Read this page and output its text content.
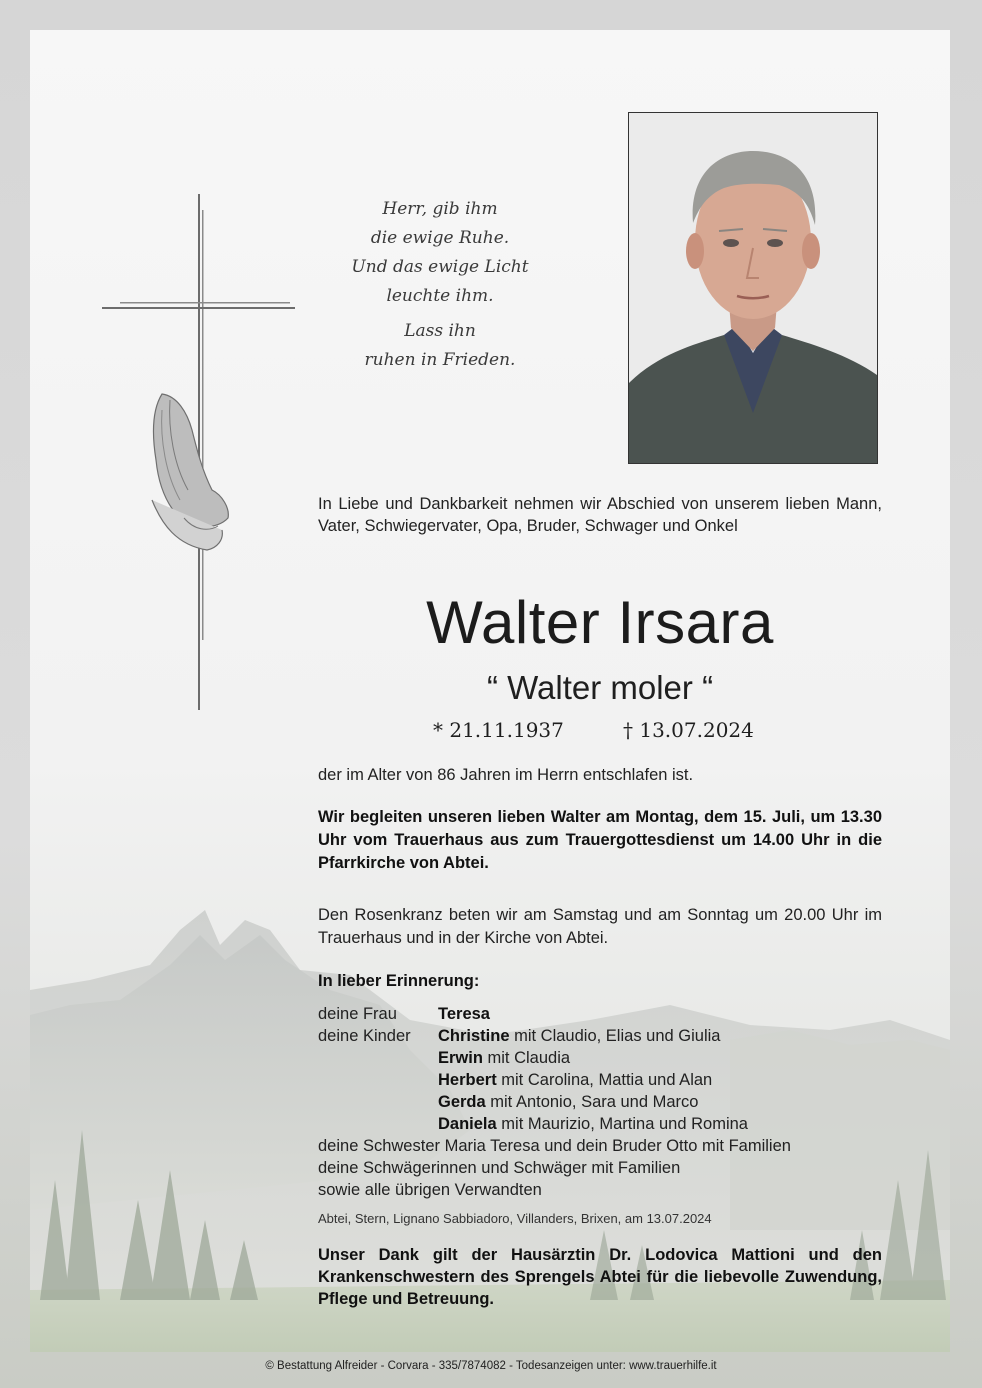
Herr, gib ihm
die ewige Ruhe.
Und das ewige Licht
leuchte ihm.
Lass ihn
ruhen in Frieden.
In Liebe und Dankbarkeit nehmen wir Abschied von unserem lieben Mann, Vater, Schwiegervater, Opa, Bruder, Schwager und Onkel
Walter Irsara
“ Walter moler “
* 21.11.1937	† 13.07.2024
der im Alter von 86 Jahren im Herrn entschlafen ist.
Wir begleiten unseren lieben Walter am Montag, dem 15. Juli, um 13.30 Uhr vom Trauerhaus aus zum Trauergottesdienst um 14.00 Uhr in die Pfarrkirche von Abtei.
Den Rosenkranz beten wir am Samstag und am Sonntag um 20.00 Uhr im Trauerhaus und in der Kirche von Abtei.
In lieber Erinnerung:
deine Frau Teresa
deine Kinder Christine mit Claudio, Elias und Giulia
Erwin mit Claudia
Herbert mit Carolina, Mattia und Alan
Gerda mit Antonio, Sara und Marco
Daniela mit Maurizio, Martina und Romina
deine Schwester Maria Teresa und dein Bruder Otto mit Familien
deine Schwägerinnen und Schwäger mit Familien
sowie alle übrigen Verwandten
Abtei, Stern, Lignano Sabbiadoro, Villanders, Brixen, am 13.07.2024
Unser Dank gilt der Hausärztin Dr. Lodovica Mattioni und den Krankenschwestern des Sprengels Abtei für die liebevolle Zuwendung, Pflege und Betreuung.
© Bestattung Alfreider - Corvara - 335/7874082 - Todesanzeigen unter: www.trauerhilfe.it
